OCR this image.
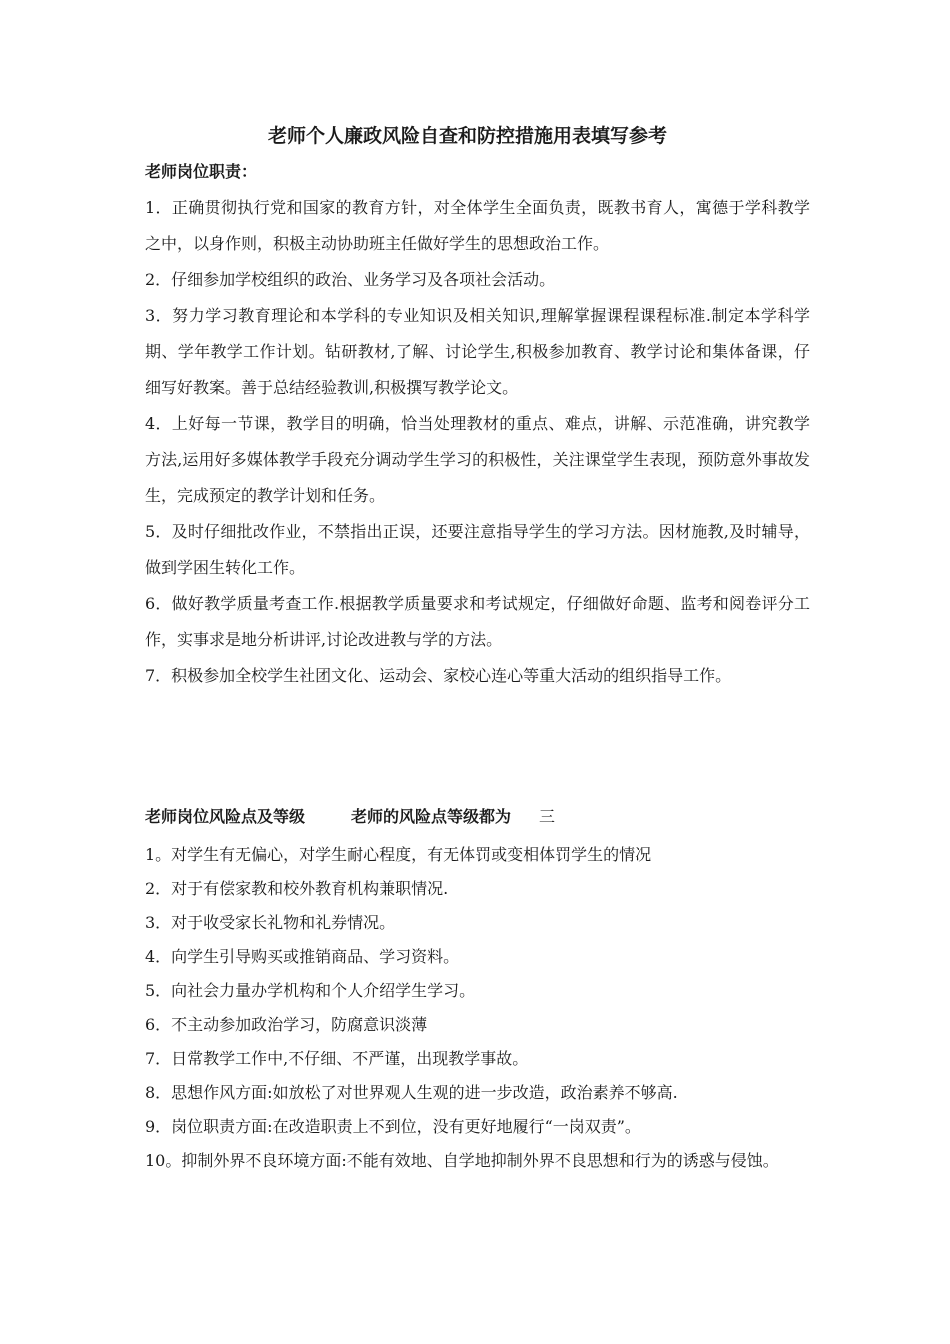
老师个人廉政风险自查和防控措施用表填写参考

老师岗位职责：

1．正确贯彻执行党和国家的教育方针，对全体学生全面负责，既教书育人，寓德于学科教学之中，以身作则，积极主动协助班主任做好学生的思想政治工作。
2．仔细参加学校组织的政治、业务学习及各项社会活动。
3．努力学习教育理论和本学科的专业知识及相关知识,理解掌握课程课程标准.制定本学科学期、学年教学工作计划。钻研教材,了解、讨论学生,积极参加教育、教学讨论和集体备课，仔细写好教案。善于总结经验教训,积极撰写教学论文。
4．上好每一节课，教学目的明确，恰当处理教材的重点、难点，讲解、示范准确，讲究教学方法,运用好多媒体教学手段充分调动学生学习的积极性，关注课堂学生表现，预防意外事故发生，完成预定的教学计划和任务。
5．及时仔细批改作业，不禁指出正误，还要注意指导学生的学习方法。因材施教,及时辅导，做到学困生转化工作。
6．做好教学质量考查工作.根据教学质量要求和考试规定，仔细做好命题、监考和阅卷评分工作，实事求是地分析讲评,讨论改进教与学的方法。
7．积极参加全校学生社团文化、运动会、家校心连心等重大活动的组织指导工作。

老师岗位风险点及等级	老师的风险点等级都为 三

1。对学生有无偏心，对学生耐心程度，有无体罚或变相体罚学生的情况
2．对于有偿家教和校外教育机构兼职情况.
3．对于收受家长礼物和礼券情况。
4．向学生引导购买或推销商品、学习资料。
5．向社会力量办学机构和个人介绍学生学习。
6．不主动参加政治学习，防腐意识淡薄
7．日常教学工作中,不仔细、不严谨，出现教学事故。
8．思想作风方面:如放松了对世界观人生观的进一步改造，政治素养不够高.
9．岗位职责方面:在改造职责上不到位，没有更好地履行“一岗双责”。
10。抑制外界不良环境方面:不能有效地、自学地抑制外界不良思想和行为的诱惑与侵蚀。
